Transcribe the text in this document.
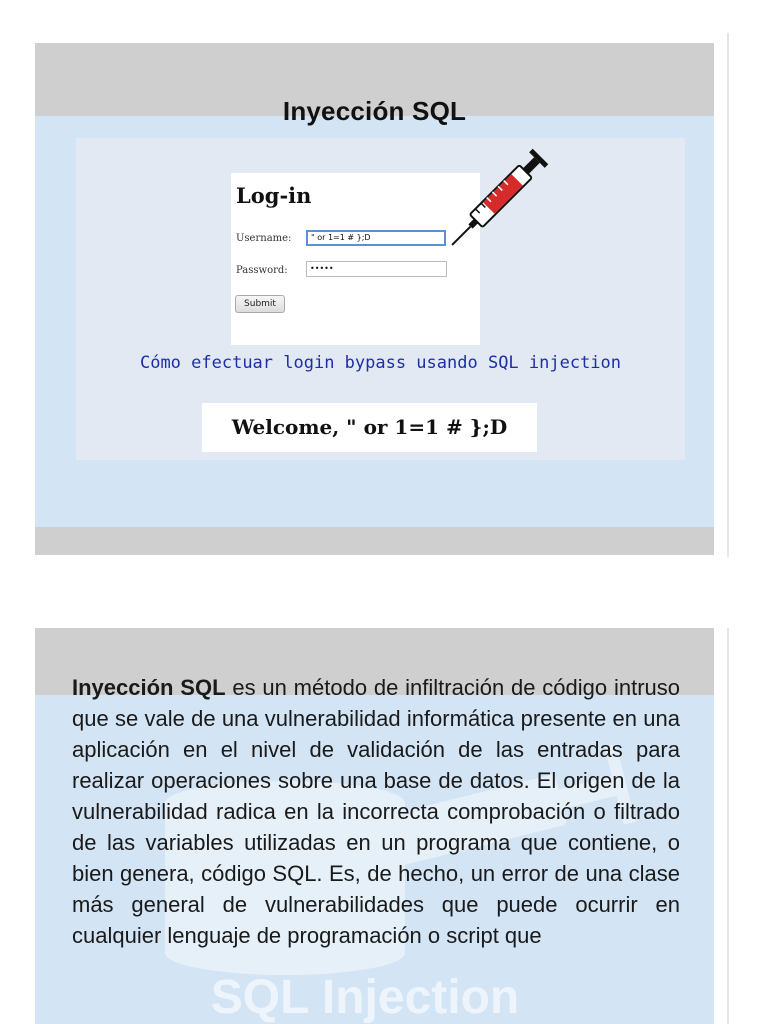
Inyección SQL
Log-in
Username:	" or 1=1 # };D
Password:	•••••
Submit
Cómo efectuar login bypass usando SQL injection
Welcome, " or 1=1 # };D
SQL Injection
Inyección SQL es un método de infiltración de código intruso que se vale de una vulnerabilidad informática presente en una aplicación en el nivel de validación de las entradas para realizar operaciones sobre una base de datos. El origen de la vulnerabilidad radica en la incorrecta comprobación o filtrado de las variables utilizadas en un programa que contiene, o bien genera, código SQL. Es, de hecho, un error de una clase más general de vulnerabilidades que puede ocurrir en cualquier lenguaje de programación o script que
